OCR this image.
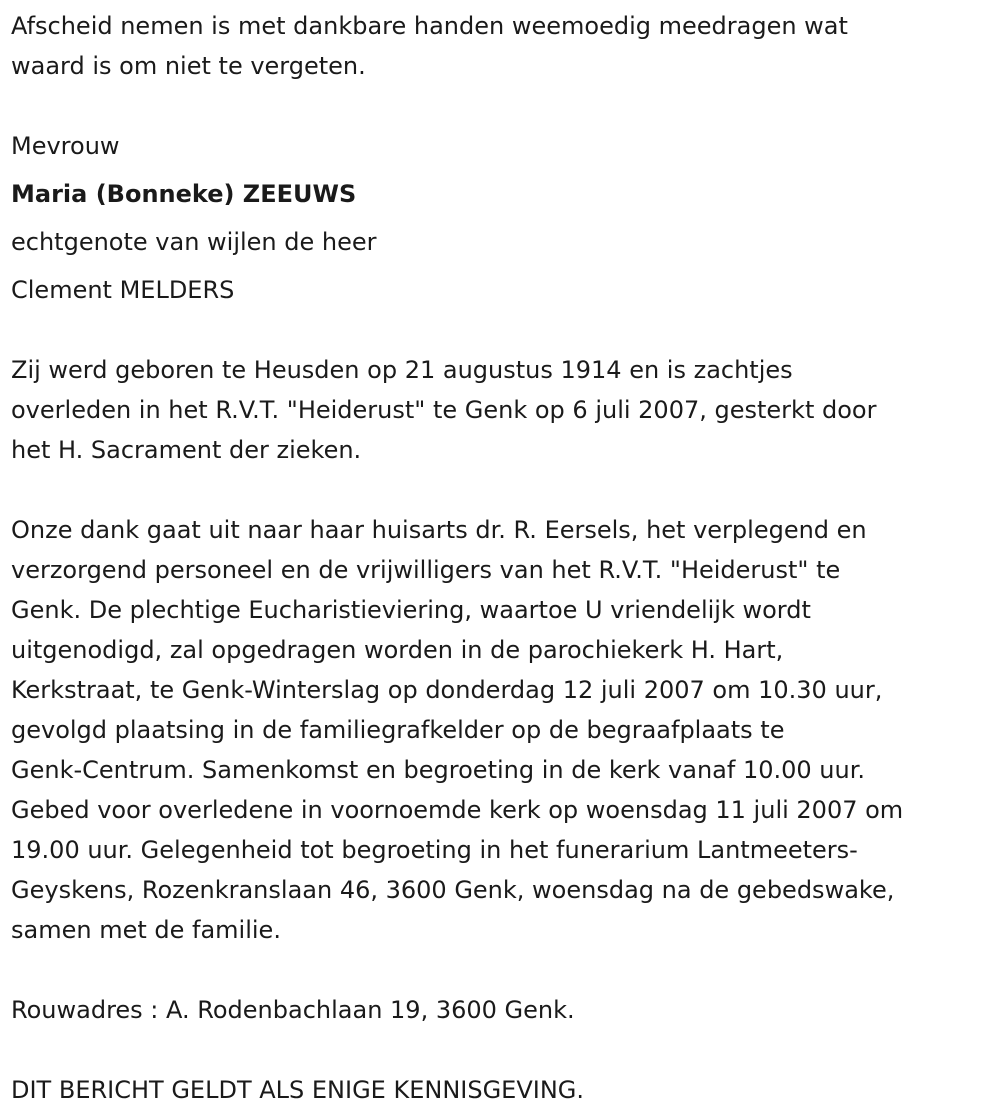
Afscheid nemen is met dankbare handen weemoedig meedragen wat
waard is om niet te vergeten.
Mevrouw
Maria (Bonneke) ZEEUWS
echtgenote van wijlen de heer
Clement MELDERS
Zij werd geboren te Heusden op 21 augustus 1914 en is zachtjes
overleden in het R.V.T. "Heiderust" te Genk op 6 juli 2007, gesterkt door
het H. Sacrament der zieken.
Onze dank gaat uit naar haar huisarts dr. R. Eersels, het verplegend en
verzorgend personeel en de vrijwilligers van het R.V.T. "Heiderust" te
Genk. De plechtige Eucharistieviering, waartoe U vriendelijk wordt
uitgenodigd, zal opgedragen worden in de parochiekerk H. Hart,
Kerkstraat, te Genk-Winterslag op donderdag 12 juli 2007 om 10.30 uur,
gevolgd plaatsing in de familiegrafkelder op de begraafplaats te
Genk-Centrum. Samenkomst en begroeting in de kerk vanaf 10.00 uur.
Gebed voor overledene in voornoemde kerk op woensdag 11 juli 2007 om
19.00 uur. Gelegenheid tot begroeting in het funerarium Lantmeeters-
Geyskens, Rozenkranslaan 46, 3600 Genk, woensdag na de gebedswake,
samen met de familie.
Rouwadres : A. Rodenbachlaan 19, 3600 Genk.
DIT BERICHT GELDT ALS ENIGE KENNISGEVING.
